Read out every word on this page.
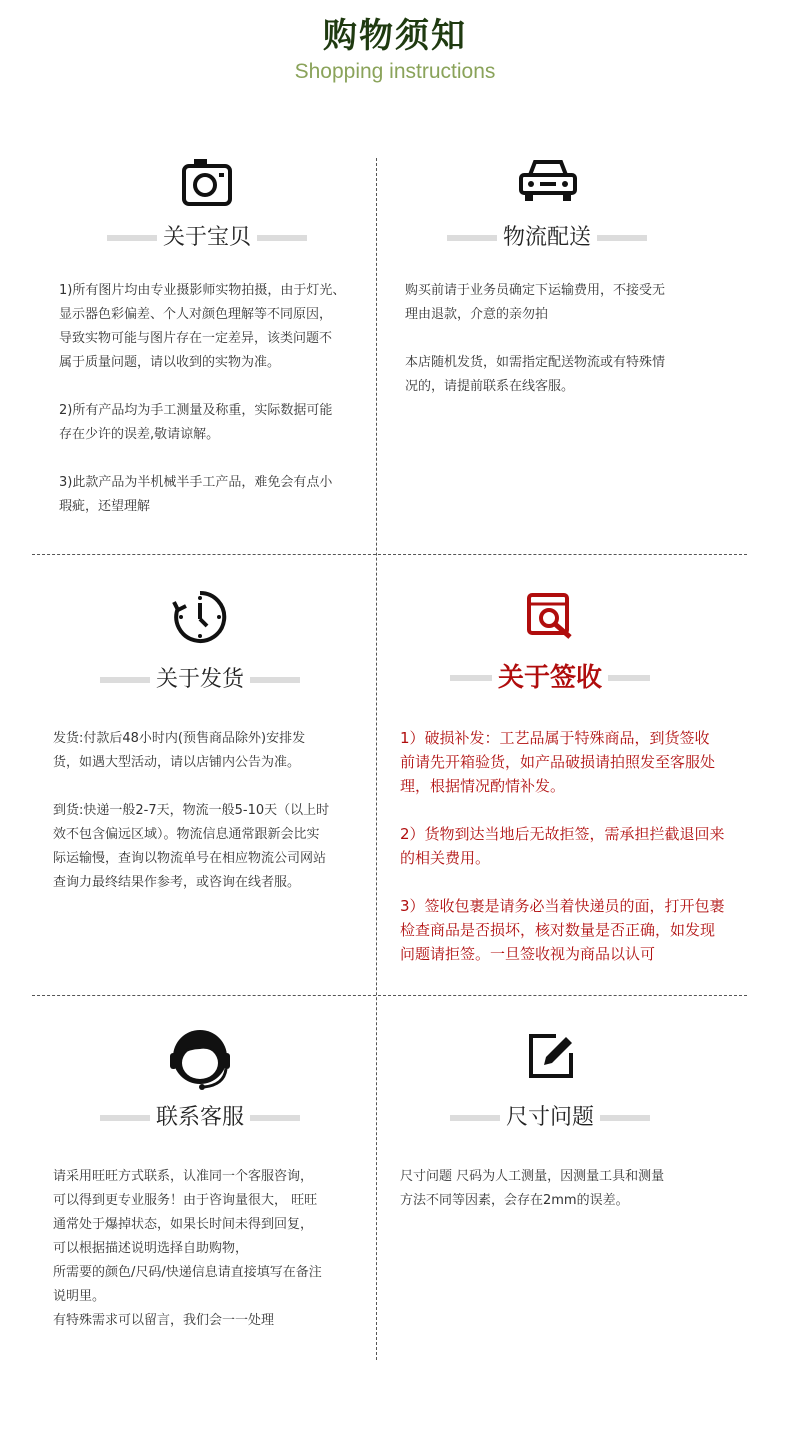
购物须知
Shopping instructions
关于宝贝

1)所有图片均由专业摄影师实物拍摄，由于灯光、
显示器色彩偏差、个人对颜色理解等不同原因，
导致实物可能与图片存在一定差异，该类问题不
属于质量问题，请以收到的实物为准。

2)所有产品均为手工测量及称重，实际数据可能
存在少许的误差,敬请谅解。

3)此款产品为半机械半手工产品，难免会有点小
瑕疵，还望理解

物流配送

购买前请于业务员确定下运输费用，不接受无
理由退款，介意的亲勿拍

本店随机发货，如需指定配送物流或有特殊情
况的，请提前联系在线客服。

关于发货

发货:付款后48小时内(预售商品除外)安排发
货，如遇大型活动，请以店铺内公告为准。

到货:快递一般2-7天，物流一般5-10天（以上时
效不包含偏远区域）。物流信息通常跟新会比实
际运输慢，查询以物流单号在相应物流公司网站
查询力最终结果作参考，或咨询在线者服。

关于签收

1）破损补发：工艺品属于特殊商品，到货签收
前请先开箱验货，如产品破损请拍照发至客服处
理，根据情况酌情补发。

2）货物到达当地后无故拒签，需承担拦截退回来
的相关费用。

3）签收包裹是请务必当着快递员的面，打开包裹
检查商品是否损坏，核对数量是否正确，如发现
问题请拒签。一旦签收视为商品以认可

联系客服

请采用旺旺方式联系，认准同一个客服咨询，
可以得到更专业服务！由于咨询量很大， 旺旺
通常处于爆掉状态，如果长时间未得到回复，
可以根据描述说明选择自助购物，
所需要的颜色/尺码/快递信息请直接填写在备注
说明里。
有特殊需求可以留言，我们会一一处理

尺寸问题

尺寸问题 尺码为人工测量，因测量工具和测量
方法不同等因素，会存在2mm的误差。
